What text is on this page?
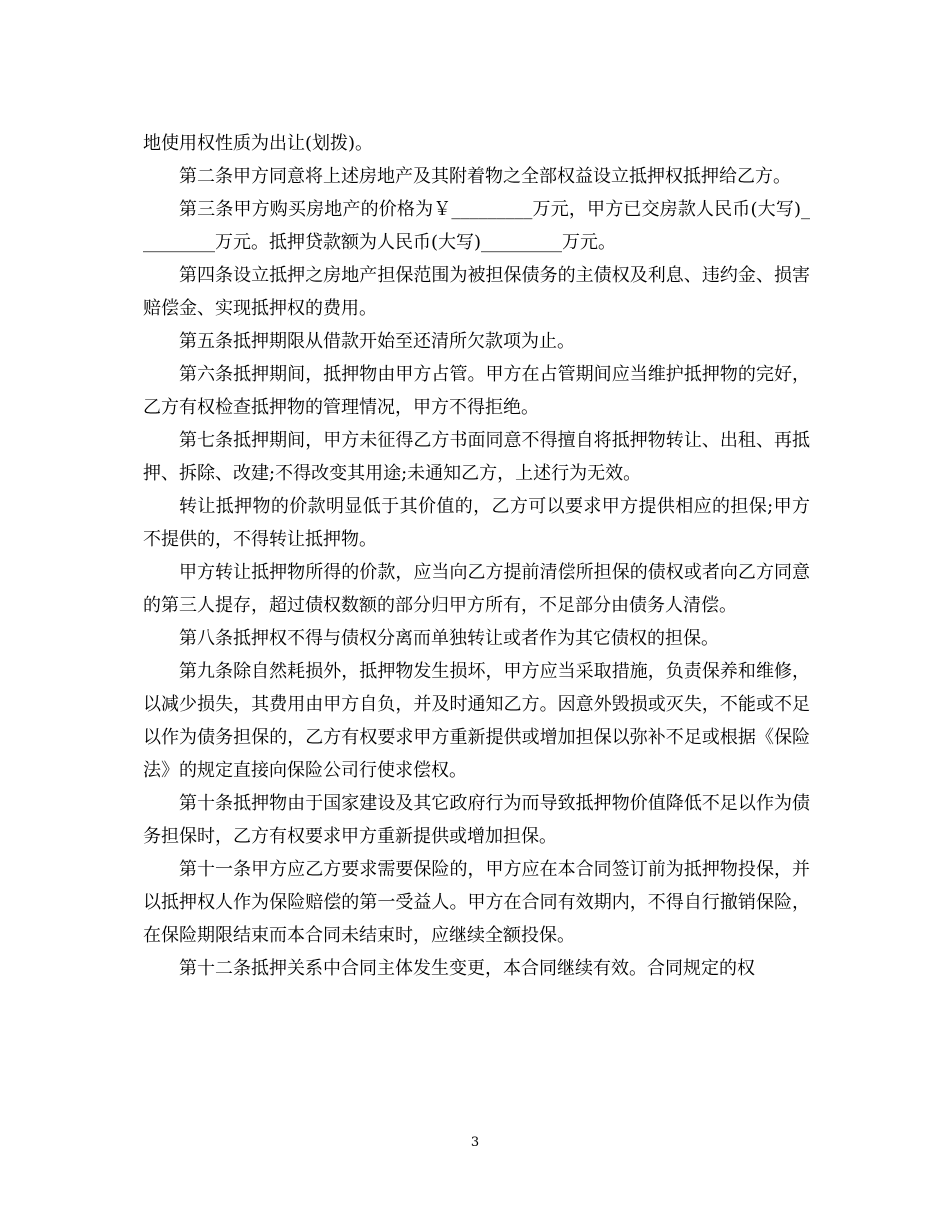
地使用权性质为出让(划拨)。

第二条甲方同意将上述房地产及其附着物之全部权益设立抵押权抵押给乙方。

第三条甲方购买房地产的价格为￥_________万元，甲方已交房款人民币(大写)_________万元。抵押贷款额为人民币(大写)_________万元。

第四条设立抵押之房地产担保范围为被担保债务的主债权及利息、违约金、损害赔偿金、实现抵押权的费用。

第五条抵押期限从借款开始至还清所欠款项为止。

第六条抵押期间，抵押物由甲方占管。甲方在占管期间应当维护抵押物的完好，乙方有权检查抵押物的管理情况，甲方不得拒绝。

第七条抵押期间，甲方未征得乙方书面同意不得擅自将抵押物转让、出租、再抵押、拆除、改建;不得改变其用途;未通知乙方，上述行为无效。

转让抵押物的价款明显低于其价值的，乙方可以要求甲方提供相应的担保;甲方不提供的，不得转让抵押物。

甲方转让抵押物所得的价款，应当向乙方提前清偿所担保的债权或者向乙方同意的第三人提存，超过债权数额的部分归甲方所有，不足部分由债务人清偿。

第八条抵押权不得与债权分离而单独转让或者作为其它债权的担保。

第九条除自然耗损外，抵押物发生损坏，甲方应当采取措施，负责保养和维修，以减少损失，其费用由甲方自负，并及时通知乙方。因意外毁损或灭失，不能或不足以作为债务担保的，乙方有权要求甲方重新提供或增加担保以弥补不足或根据《保险法》的规定直接向保险公司行使求偿权。

第十条抵押物由于国家建设及其它政府行为而导致抵押物价值降低不足以作为债务担保时，乙方有权要求甲方重新提供或增加担保。

第十一条甲方应乙方要求需要保险的，甲方应在本合同签订前为抵押物投保，并以抵押权人作为保险赔偿的第一受益人。甲方在合同有效期内，不得自行撤销保险，在保险期限结束而本合同未结束时，应继续全额投保。

第十二条抵押关系中合同主体发生变更，本合同继续有效。合同规定的权

3
